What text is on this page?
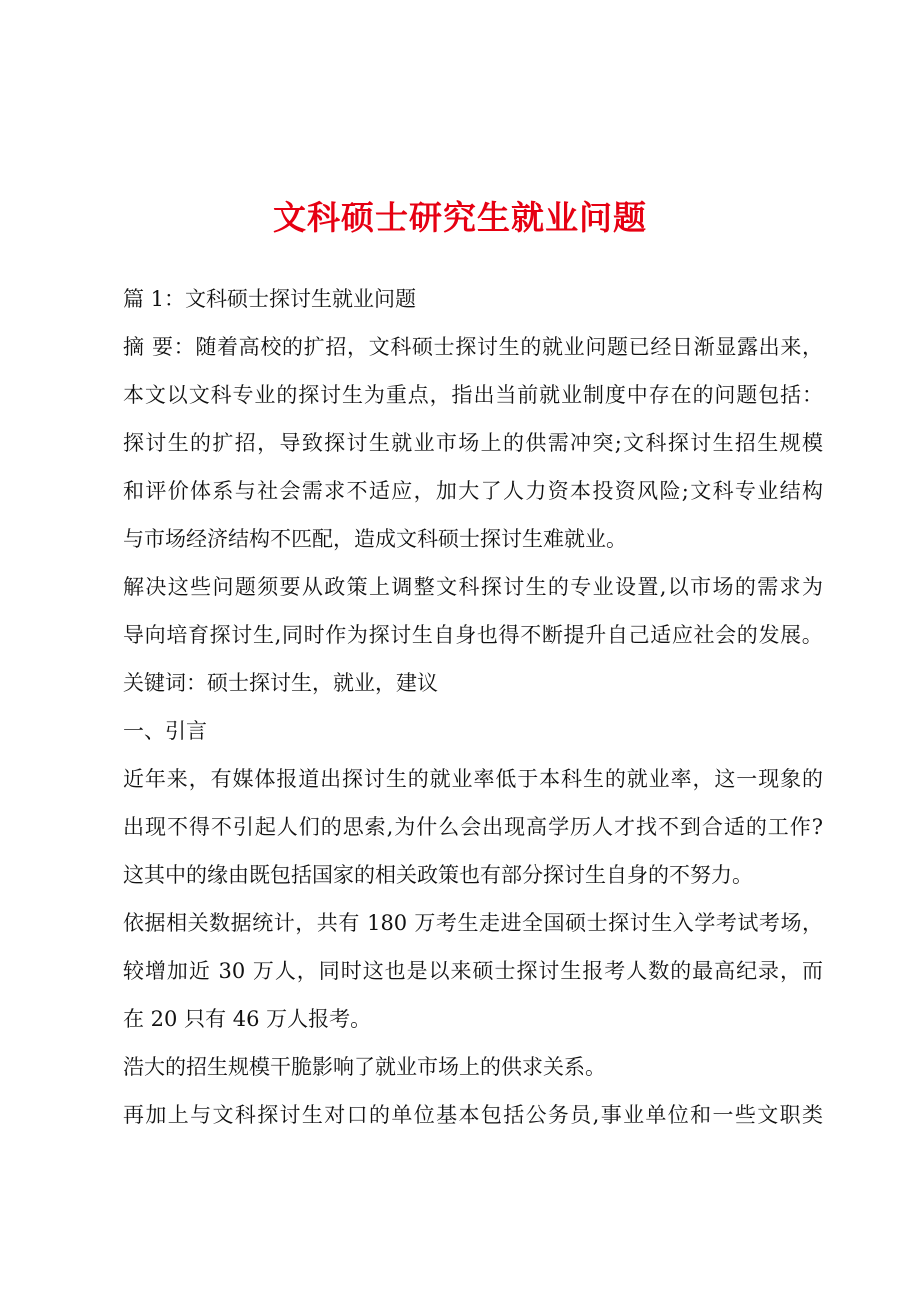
文科硕士研究生就业问题
篇 1：文科硕士探讨生就业问题
摘 要：随着高校的扩招，文科硕士探讨生的就业问题已经日渐显露出来，
本文以文科专业的探讨生为重点，指出当前就业制度中存在的问题包括：
探讨生的扩招，导致探讨生就业市场上的供需冲突;文科探讨生招生规模
和评价体系与社会需求不适应，加大了人力资本投资风险;文科专业结构
与市场经济结构不匹配，造成文科硕士探讨生难就业。
解决这些问题须要从政策上调整文科探讨生的专业设置,以市场的需求为
导向培育探讨生,同时作为探讨生自身也得不断提升自己适应社会的发展。
关键词：硕士探讨生，就业，建议
一、引言
近年来，有媒体报道出探讨生的就业率低于本科生的就业率，这一现象的
出现不得不引起人们的思索,为什么会出现高学历人才找不到合适的工作?
这其中的缘由既包括国家的相关政策也有部分探讨生自身的不努力。
依据相关数据统计，共有 180 万考生走进全国硕士探讨生入学考试考场，
较增加近 30 万人，同时这也是以来硕士探讨生报考人数的最高纪录，而
在 20 只有 46 万人报考。
浩大的招生规模干脆影响了就业市场上的供求关系。
再加上与文科探讨生对口的单位基本包括公务员,事业单位和一些文职类
